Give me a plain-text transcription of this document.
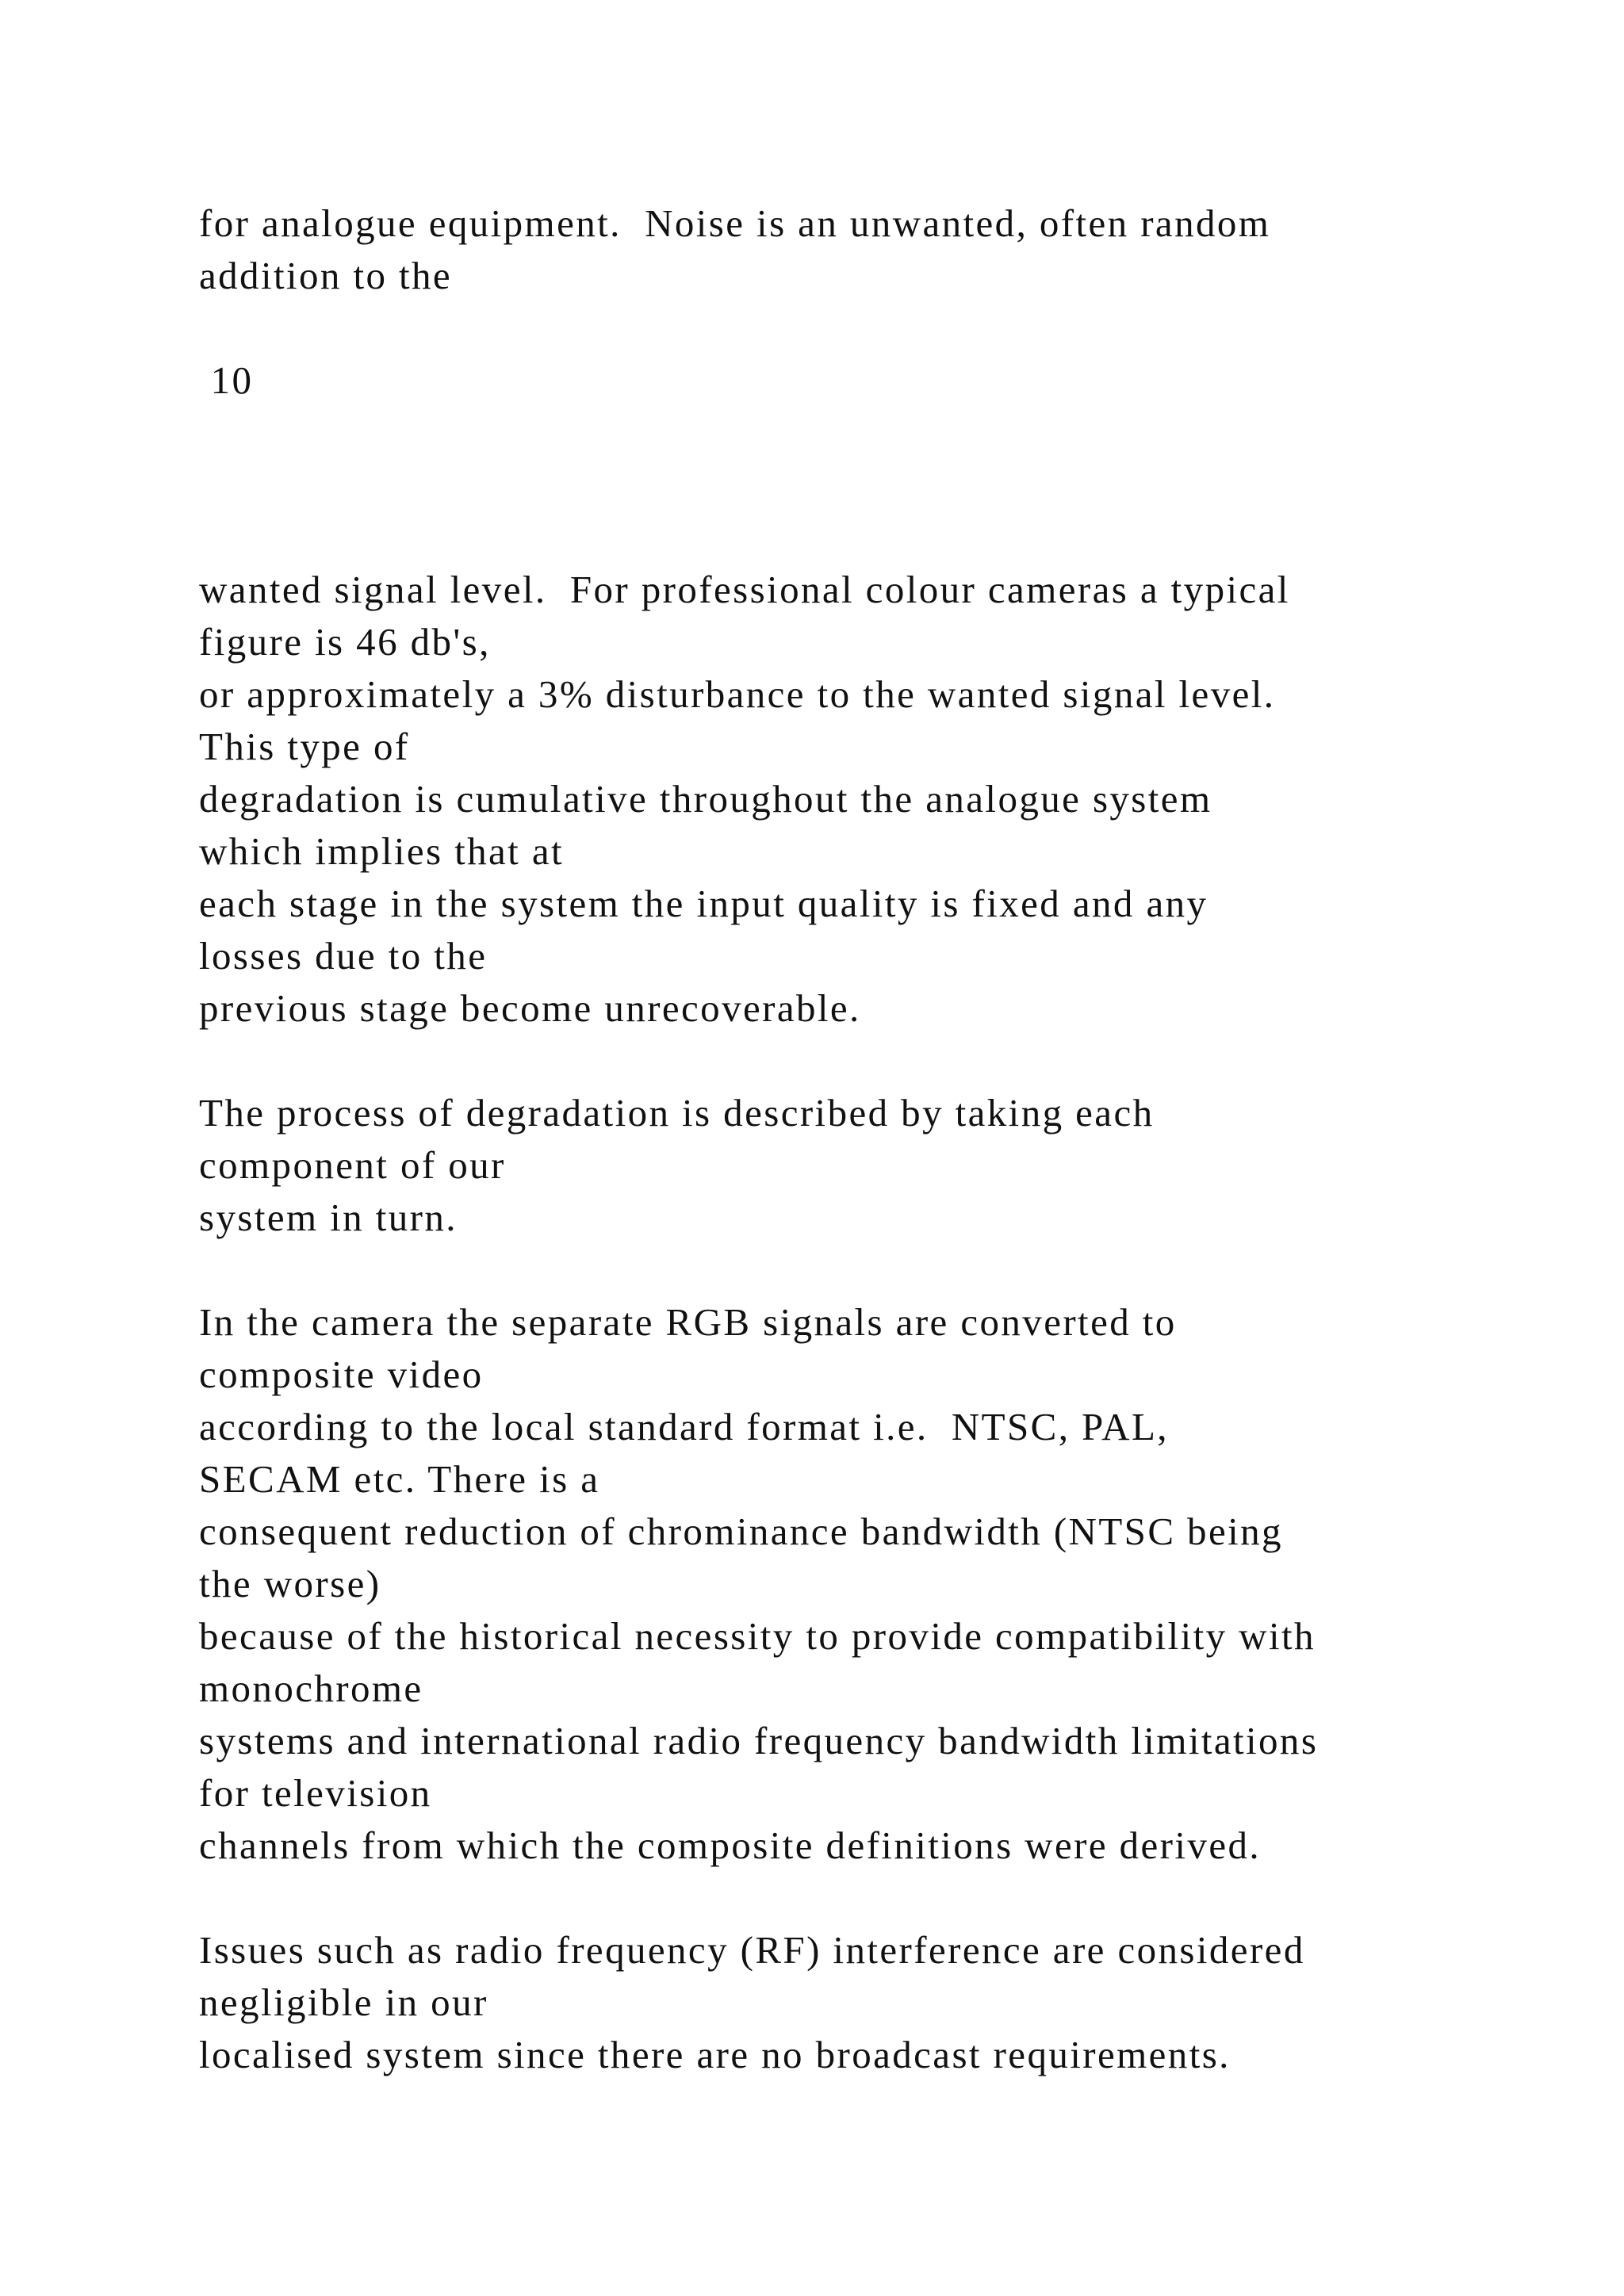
for analogue equipment.  Noise is an unwanted, often random
addition to the
10
wanted signal level.  For professional colour cameras a typical
figure is 46 db's,
or approximately a 3% disturbance to the wanted signal level.
This type of
degradation is cumulative throughout the analogue system
which implies that at
each stage in the system the input quality is fixed and any
losses due to the
previous stage become unrecoverable.
The process of degradation is described by taking each
component of our
system in turn.
In the camera the separate RGB signals are converted to
composite video
according to the local standard format i.e.  NTSC, PAL,
SECAM etc. There is a
consequent reduction of chrominance bandwidth (NTSC being
the worse)
because of the historical necessity to provide compatibility with
monochrome
systems and international radio frequency bandwidth limitations
for television
channels from which the composite definitions were derived.
Issues such as radio frequency (RF) interference are considered
negligible in our
localised system since there are no broadcast requirements.
